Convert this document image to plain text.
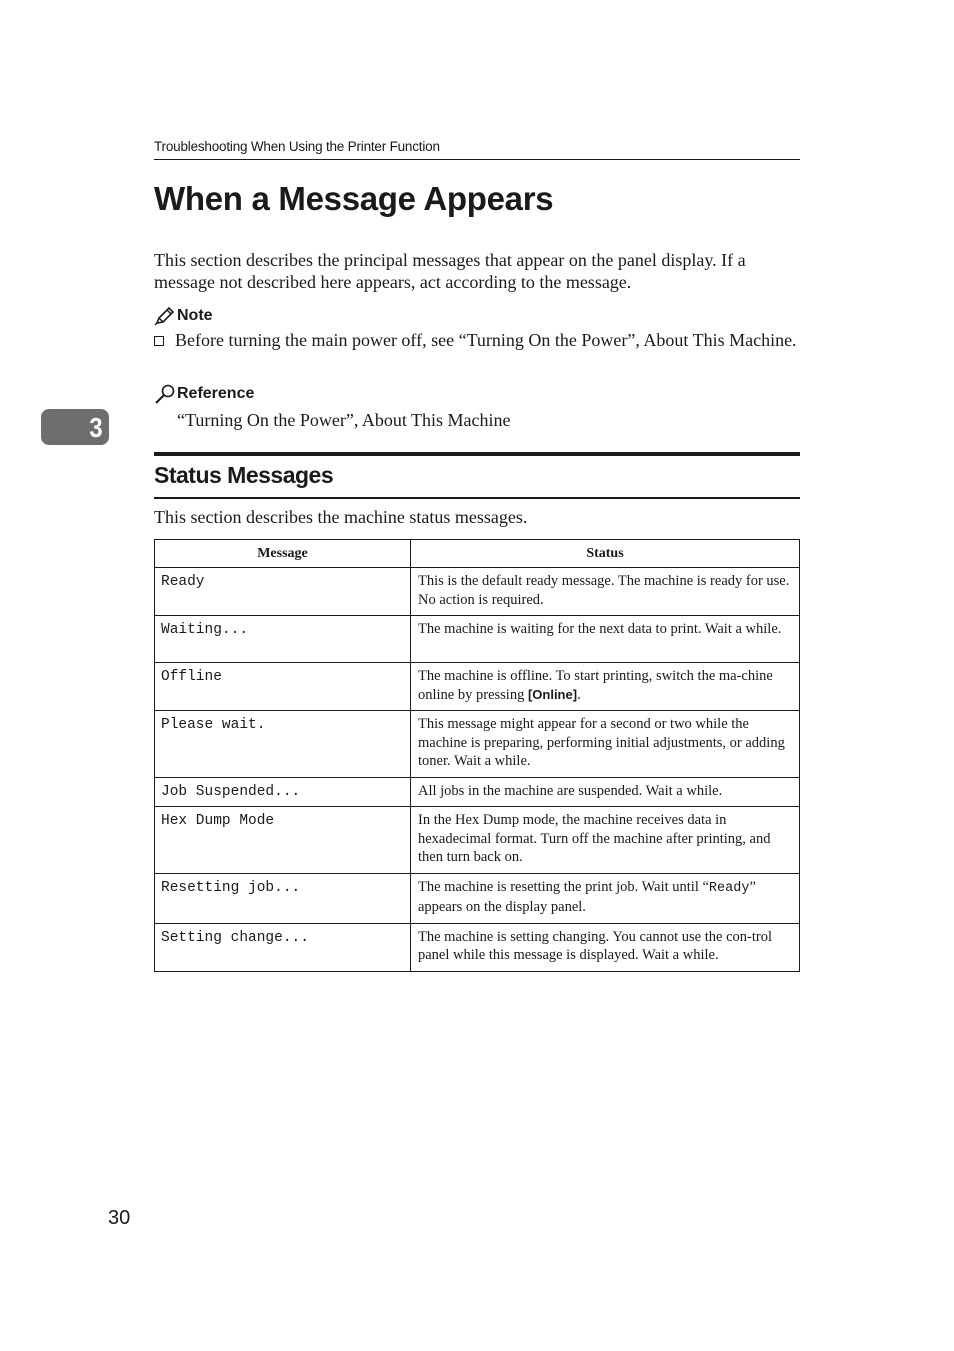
Troubleshooting When Using the Printer Function
When a Message Appears
This section describes the principal messages that appear on the panel display. If a message not described here appears, act according to the message.
Note
Before turning the main power off, see “Turning On the Power”, About This Machine.
Reference
“Turning On the Power”, About This Machine
3
Status Messages
This section describes the machine status messages.
Message	Status
Ready	This is the default ready message. The machine is ready for use. No action is required.
Waiting...	The machine is waiting for the next data to print. Wait a while.
Offline	The machine is offline. To start printing, switch the ma-chine online by pressing [Online].
Please wait.	This message might appear for a second or two while the machine is preparing, performing initial adjustments, or adding toner. Wait a while.
Job Suspended...	All jobs in the machine are suspended. Wait a while.
Hex Dump Mode	In the Hex Dump mode, the machine receives data in hexadecimal format. Turn off the machine after printing, and then turn back on.
Resetting job...	The machine is resetting the print job. Wait until “Ready” appears on the display panel.
Setting change...	The machine is setting changing. You cannot use the con-trol panel while this message is displayed. Wait a while.
30
